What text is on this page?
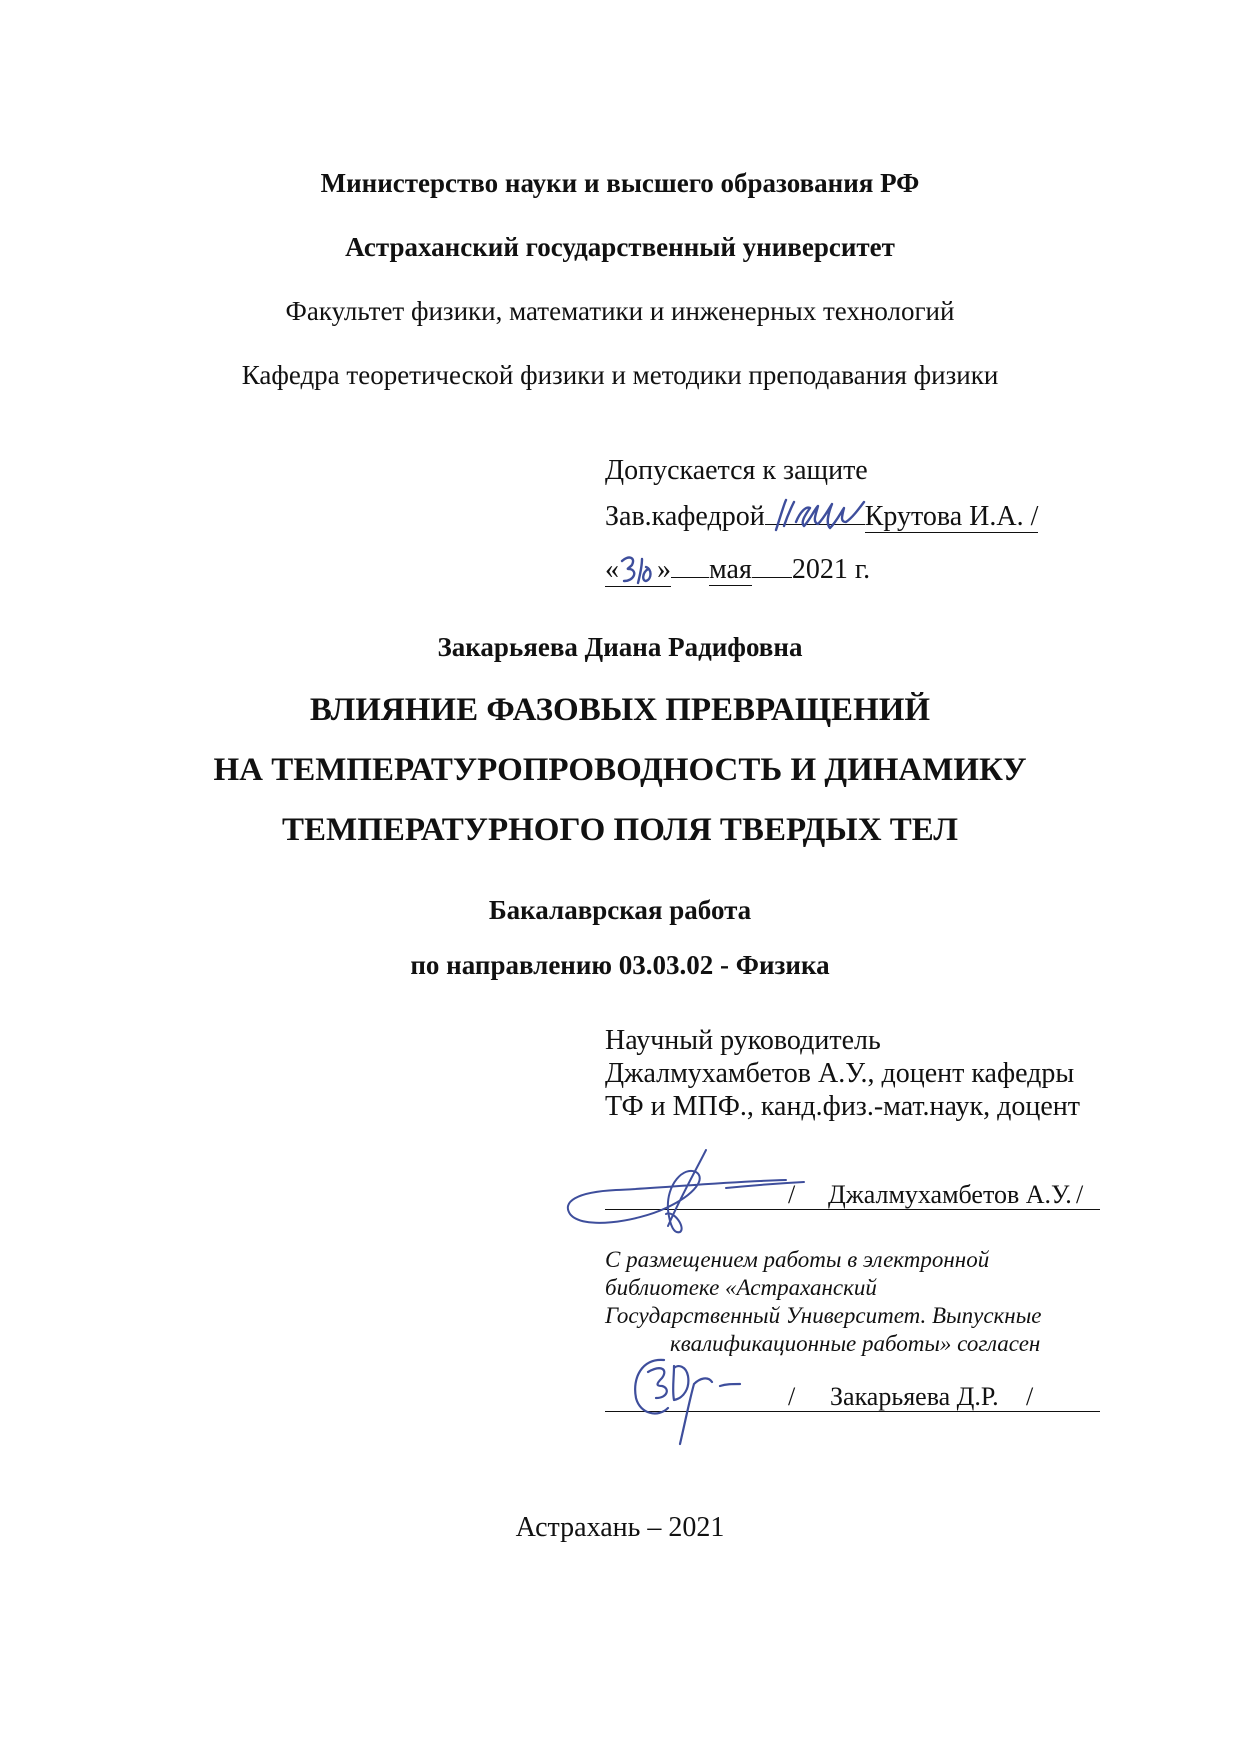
Министерство науки и высшего образования РФ
Астраханский государственный университет
Факультет физики, математики и инженерных технологий
Кафедра теоретической физики и методики преподавания физики
Допускается к защите
Зав.кафедрой	Крутова И.А. /
« » мая 2021 г.
Закарьяева Диана Радифовна
ВЛИЯНИЕ ФАЗОВЫХ ПРЕВРАЩЕНИЙ
НА ТЕМПЕРАТУРОПРОВОДНОСТЬ И ДИНАМИКУ
ТЕМПЕРАТУРНОГО ПОЛЯ ТВЕРДЫХ ТЕЛ
Бакалаврская работа
по направлению 03.03.02 - Физика
Научный руководитель
Джалмухамбетов А.У., доцент кафедры
ТФ и МПФ., канд.физ.-мат.наук, доцент
/ Джалмухамбетов А.У. /
С размещением работы в электронной
библиотеке «Астраханский
Государственный Университет. Выпускные
квалификационные работы» согласен
/ Закарьяева Д.Р. /
Астрахань – 2021
